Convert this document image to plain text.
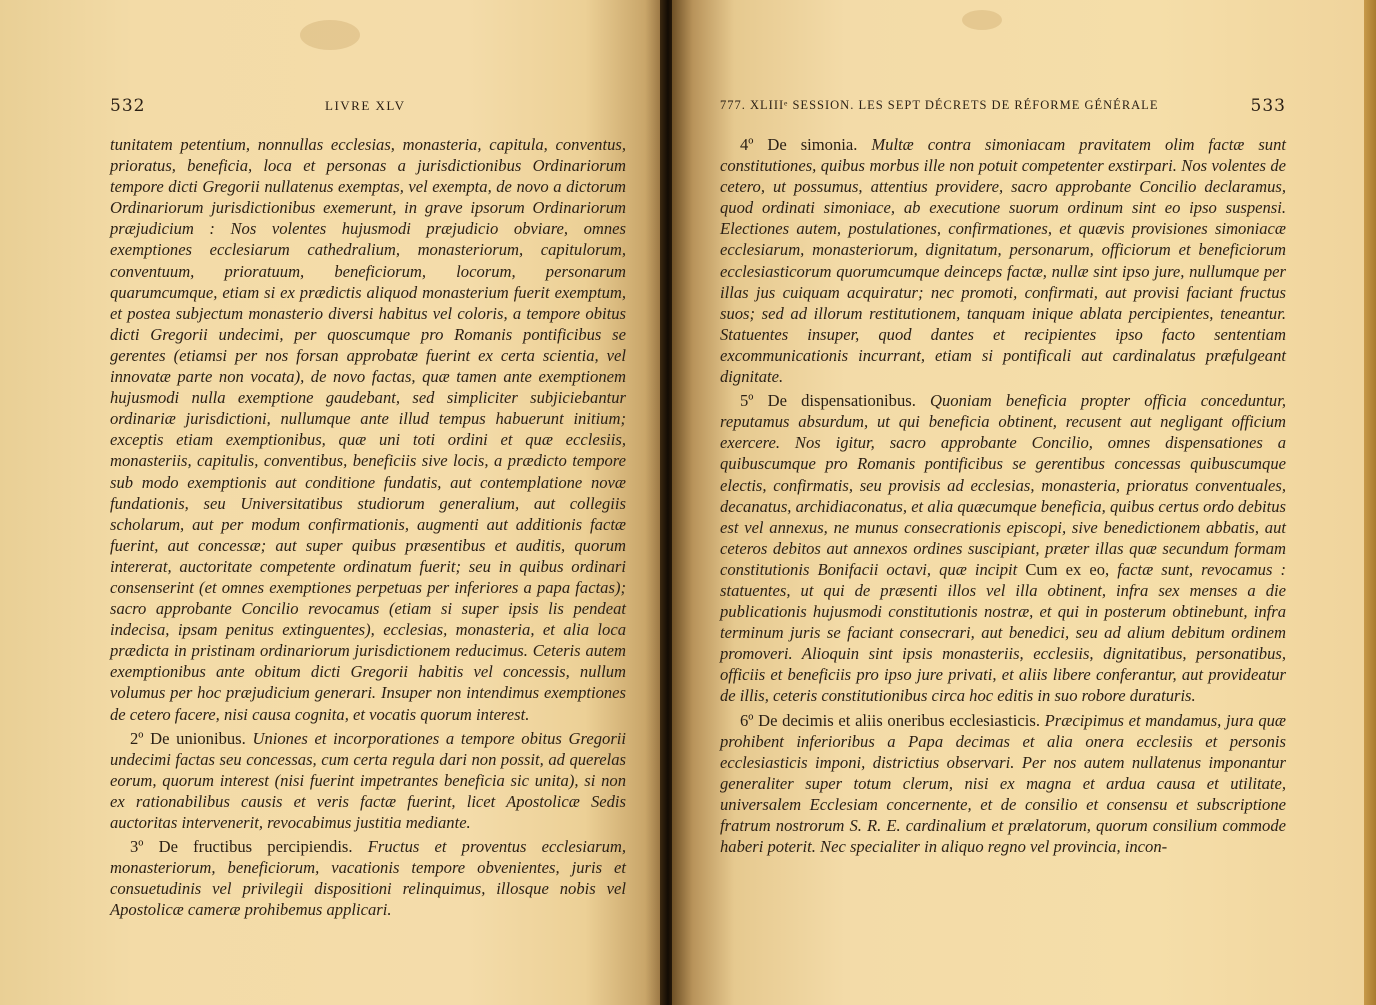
532	LIVRE XLV

tunitatem petentium, nonnullas ecclesias, monasteria, capitula, conventus, prioratus, beneficia, loca et personas a jurisdictionibus Ordinariorum tempore dicti Gregorii nullatenus exemptas, vel exempta, de novo a dictorum Ordinariorum jurisdictionibus exemerunt, in grave ipsorum Ordinariorum præjudicium : Nos volentes hujusmodi præjudicio obviare, omnes exemptiones ecclesiarum cathedralium, monasteriorum, capitulorum, conventuum, prioratuum, beneficiorum, locorum, personarum quarumcumque, etiam si ex prædictis aliquod monasterium fuerit exemptum, et postea subjectum monasterio diversi habitus vel coloris, a tempore obitus dicti Gregorii undecimi, per quoscumque pro Romanis pontificibus se gerentes (etiamsi per nos forsan approbatæ fuerint ex certa scientia, vel innovatæ parte non vocata), de novo factas, quæ tamen ante exemptionem hujusmodi nulla exemptione gaudebant, sed simpliciter subjiciebantur ordinariæ jurisdictioni, nullumque ante illud tempus habuerunt initium; exceptis etiam exemptionibus, quæ uni toti ordini et quæ ecclesiis, monasteriis, capitulis, conventibus, beneficiis sive locis, a prædicto tempore sub modo exemptionis aut conditione fundatis, aut contemplatione novæ fundationis, seu Universitatibus studiorum generalium, aut collegiis scholarum, aut per modum confirmationis, augmenti aut additionis factæ fuerint, aut concessæ; aut super quibus præsentibus et auditis, quorum intererat, auctoritate competente ordinatum fuerit; seu in quibus ordinari consenserint (et omnes exemptiones perpetuas per inferiores a papa factas); sacro approbante Concilio revocamus (etiam si super ipsis lis pendeat indecisa, ipsam penitus extinguentes), ecclesias, monasteria, et alia loca prædicta in pristinam ordinariorum jurisdictionem reducimus. Ceteris autem exemptionibus ante obitum dicti Gregorii habitis vel concessis, nullum volumus per hoc præjudicium generari. Insuper non intendimus exemptiones de cetero facere, nisi causa cognita, et vocatis quorum interest.

2º De unionibus. Uniones et incorporationes a tempore obitus Gregorii undecimi factas seu concessas, cum certa regula dari non possit, ad querelas eorum, quorum interest (nisi fuerint impetrantes beneficia sic unita), si non ex rationabilibus causis et veris factæ fuerint, licet Apostolicæ Sedis auctoritas intervenerit, revocabimus justitia mediante.

3º De fructibus percipiendis. Fructus et proventus ecclesiarum, monasteriorum, beneficiorum, vacationis tempore obvenientes, juris et consuetudinis vel privilegii dispositioni relinquimus, illosque nobis vel Apostolicæ cameræ prohibemus applicari.

777. XLIIIᵉ SESSION. LES SEPT DÉCRETS DE RÉFORME GÉNÉRALE	533

4º De simonia. Multæ contra simoniacam pravitatem olim factæ sunt constitutiones, quibus morbus ille non potuit competenter exstirpari. Nos volentes de cetero, ut possumus, attentius providere, sacro approbante Concilio declaramus, quod ordinati simoniace, ab executione suorum ordinum sint eo ipso suspensi. Electiones autem, postulationes, confirmationes, et quævis provisiones simoniacæ ecclesiarum, monasteriorum, dignitatum, personarum, officiorum et beneficiorum ecclesiasticorum quorumcumque deinceps factæ, nullæ sint ipso jure, nullumque per illas jus cuiquam acquiratur; nec promoti, confirmati, aut provisi faciant fructus suos; sed ad illorum restitutionem, tanquam inique ablata percipientes, teneantur. Statuentes insuper, quod dantes et recipientes ipso facto sententiam excommunicationis incurrant, etiam si pontificali aut cardinalatus præfulgeant dignitate.

5º De dispensationibus. Quoniam beneficia propter officia conceduntur, reputamus absurdum, ut qui beneficia obtinent, recusent aut negligant officium exercere. Nos igitur, sacro approbante Concilio, omnes dispensationes a quibuscumque pro Romanis pontificibus se gerentibus concessas quibuscumque electis, confirmatis, seu provisis ad ecclesias, monasteria, prioratus conventuales, decanatus, archidiaconatus, et alia quæcumque beneficia, quibus certus ordo debitus est vel annexus, ne munus consecrationis episcopi, sive benedictionem abbatis, aut ceteros debitos aut annexos ordines suscipiant, præter illas quæ secundum formam constitutionis Bonifacii octavi, quæ incipit Cum ex eo, factæ sunt, revocamus : statuentes, ut qui de præsenti illos vel illa obtinent, infra sex menses a die publicationis hujusmodi constitutionis nostræ, et qui in posterum obtinebunt, infra terminum juris se faciant consecrari, aut benedici, seu ad alium debitum ordinem promoveri. Alioquin sint ipsis monasteriis, ecclesiis, dignitatibus, personatibus, officiis et beneficiis pro ipso jure privati, et aliis libere conferantur, aut provideatur de illis, ceteris constitutionibus circa hoc editis in suo robore duraturis.

6º De decimis et aliis oneribus ecclesiasticis. Præcipimus et mandamus, jura quæ prohibent inferioribus a Papa decimas et alia onera ecclesiis et personis ecclesiasticis imponi, districtius observari. Per nos autem nullatenus imponantur generaliter super totum clerum, nisi ex magna et ardua causa et utilitate, universalem Ecclesiam concernente, et de consilio et consensu et subscriptione fratrum nostrorum S. R. E. cardinalium et prælatorum, quorum consilium commode haberi poterit. Nec specialiter in aliquo regno vel provincia, incon-
